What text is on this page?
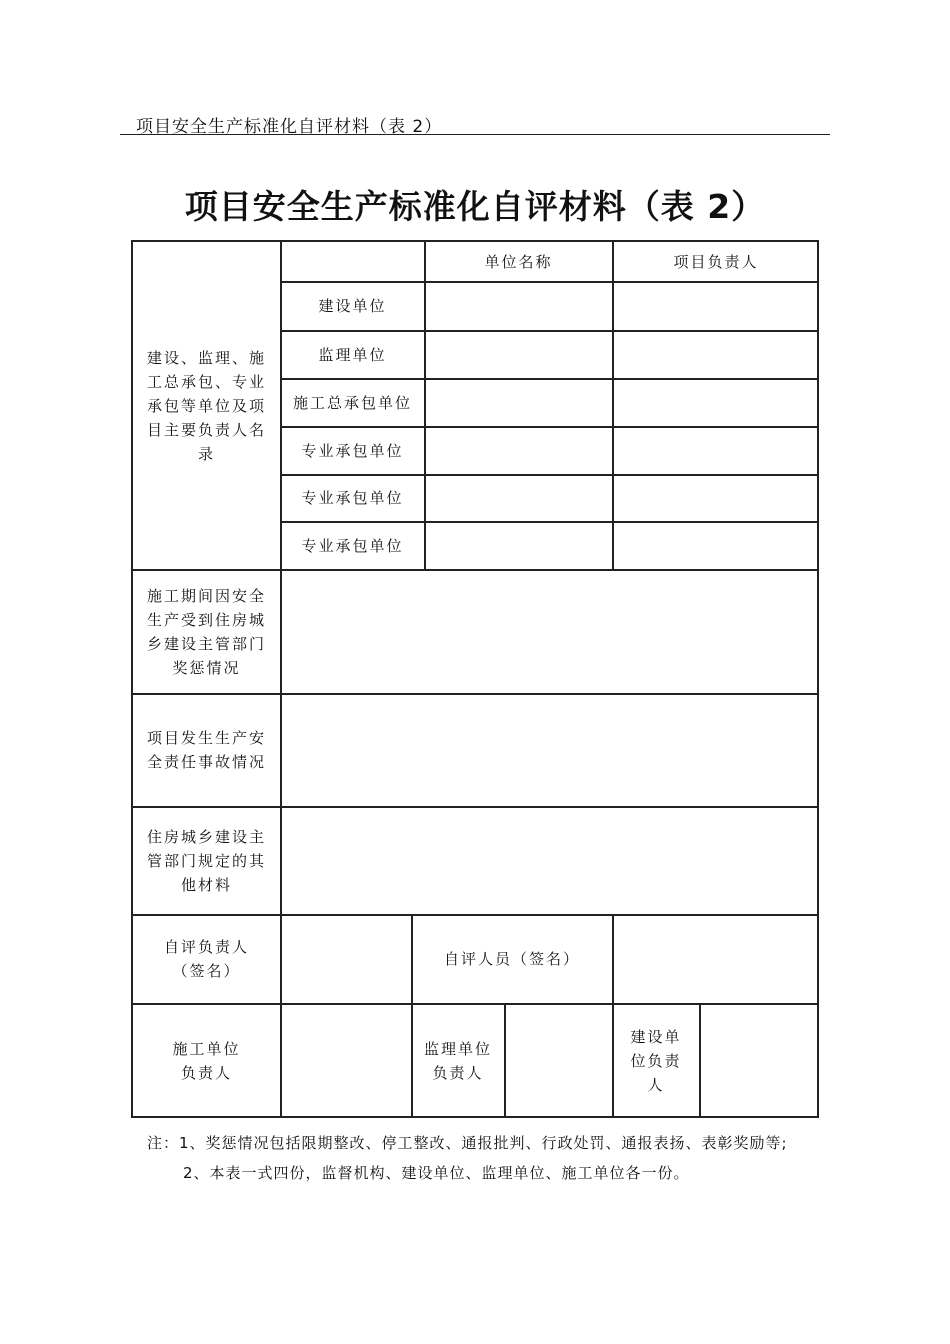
项目安全生产标准化自评材料（表 2）
项目安全生产标准化自评材料（表 2）
建设、监理、施工总承包、专业承包等单位及项目主要负责人名录
单位名称	项目负责人
建设单位
监理单位
施工总承包单位
专业承包单位
专业承包单位
专业承包单位
施工期间因安全生产受到住房城乡建设主管部门奖惩情况
项目发生生产安全责任事故情况
住房城乡建设主管部门规定的其他材料
自评负责人（签名）
自评人员（签名）
施工单位负责人
监理单位负责人
建设单位负责人
注：1、奖惩情况包括限期整改、停工整改、通报批判、行政处罚、通报表扬、表彰奖励等;
2、本表一式四份，监督机构、建设单位、监理单位、施工单位各一份。
